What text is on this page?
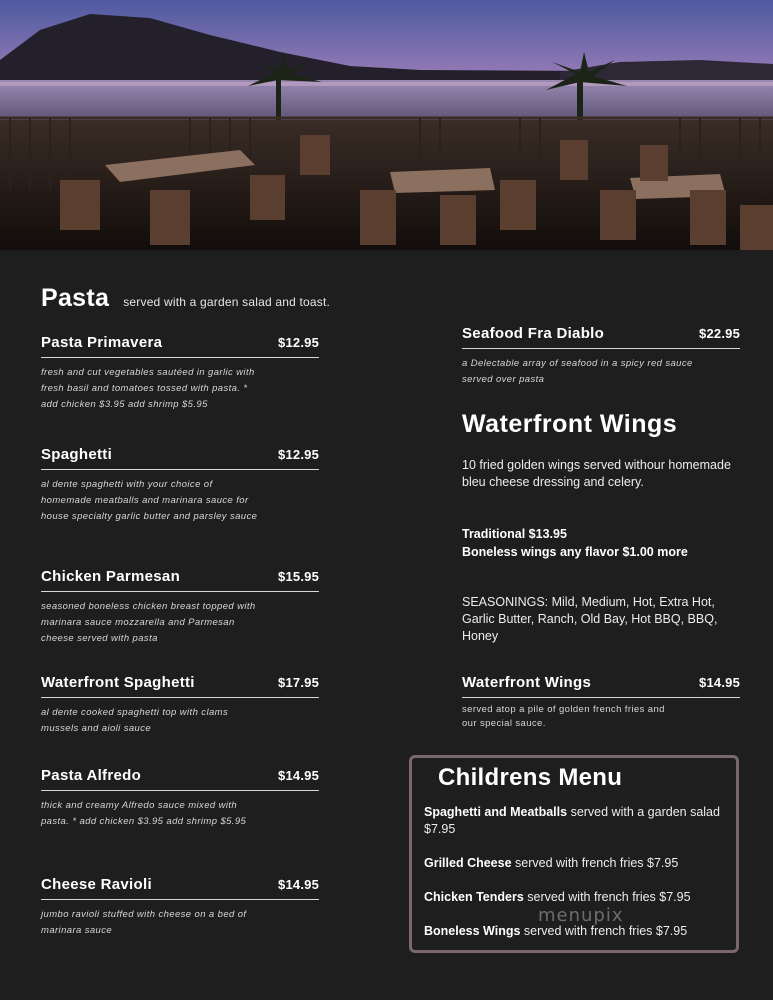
Pasta served with a garden salad and toast.
Pasta Primavera	$12.95
fresh and cut vegetables sautéed in garlic with fresh basil and tomatoes tossed with pasta. * add chicken $3.95 add shrimp $5.95
Spaghetti	$12.95
al dente spaghetti with your choice of homemade meatballs and marinara sauce for house specialty garlic butter and parsley sauce
Chicken Parmesan	$15.95
seasoned boneless chicken breast topped with marinara sauce mozzarella and Parmesan cheese served with pasta
Waterfront Spaghetti	$17.95
al dente cooked spaghetti top with clams mussels and aioli sauce
Pasta Alfredo	$14.95
thick and creamy Alfredo sauce mixed with pasta. * add chicken $3.95 add shrimp $5.95
Cheese Ravioli	$14.95
jumbo ravioli stuffed with cheese on a bed of marinara sauce
Seafood Fra Diablo	$22.95
a Delectable array of seafood in a spicy red sauce served over pasta
Waterfront Wings
10 fried golden wings served withour homemade bleu cheese dressing and celery.
Traditional $13.95
Boneless wings any flavor $1.00 more
SEASONINGS: Mild, Medium, Hot, Extra Hot, Garlic Butter, Ranch, Old Bay, Hot BBQ, BBQ, Honey
Waterfront Wings	$14.95
served atop a pile of golden french fries and our special sauce.
Childrens Menu
Spaghetti and Meatballs served with a garden salad $7.95
Grilled Cheese served with french fries $7.95
Chicken Tenders served with french fries $7.95
Boneless Wings served with french fries $7.95
menupix
